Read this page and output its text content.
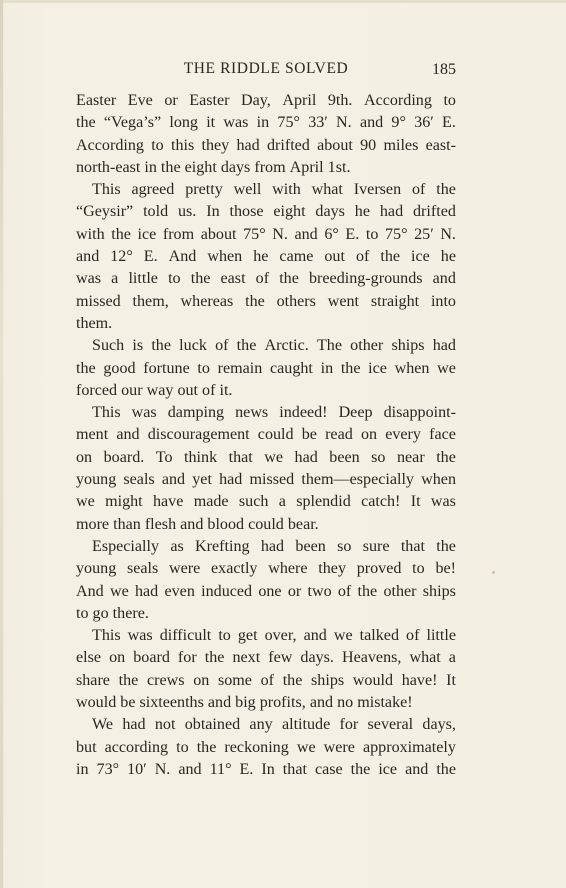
THE RIDDLE SOLVED	185
Easter Eve or Easter Day, April 9th. According to
the “Vega’s” long it was in 75° 33′ N. and 9° 36′ E.
According to this they had drifted about 90 miles east-
north-east in the eight days from April 1st.
This agreed pretty well with what Iversen of the
“Geysir” told us. In those eight days he had drifted
with the ice from about 75° N. and 6° E. to 75° 25′ N.
and 12° E. And when he came out of the ice he
was a little to the east of the breeding-grounds and
missed them, whereas the others went straight into
them.
Such is the luck of the Arctic. The other ships had
the good fortune to remain caught in the ice when we
forced our way out of it.
This was damping news indeed! Deep disappoint-
ment and discouragement could be read on every face
on board. To think that we had been so near the
young seals and yet had missed them—especially when
we might have made such a splendid catch! It was
more than flesh and blood could bear.
Especially as Krefting had been so sure that the
young seals were exactly where they proved to be!
And we had even induced one or two of the other ships
to go there.
This was difficult to get over, and we talked of little
else on board for the next few days. Heavens, what a
share the crews on some of the ships would have! It
would be sixteenths and big profits, and no mistake!
We had not obtained any altitude for several days,
but according to the reckoning we were approximately
in 73° 10′ N. and 11° E. In that case the ice and the
